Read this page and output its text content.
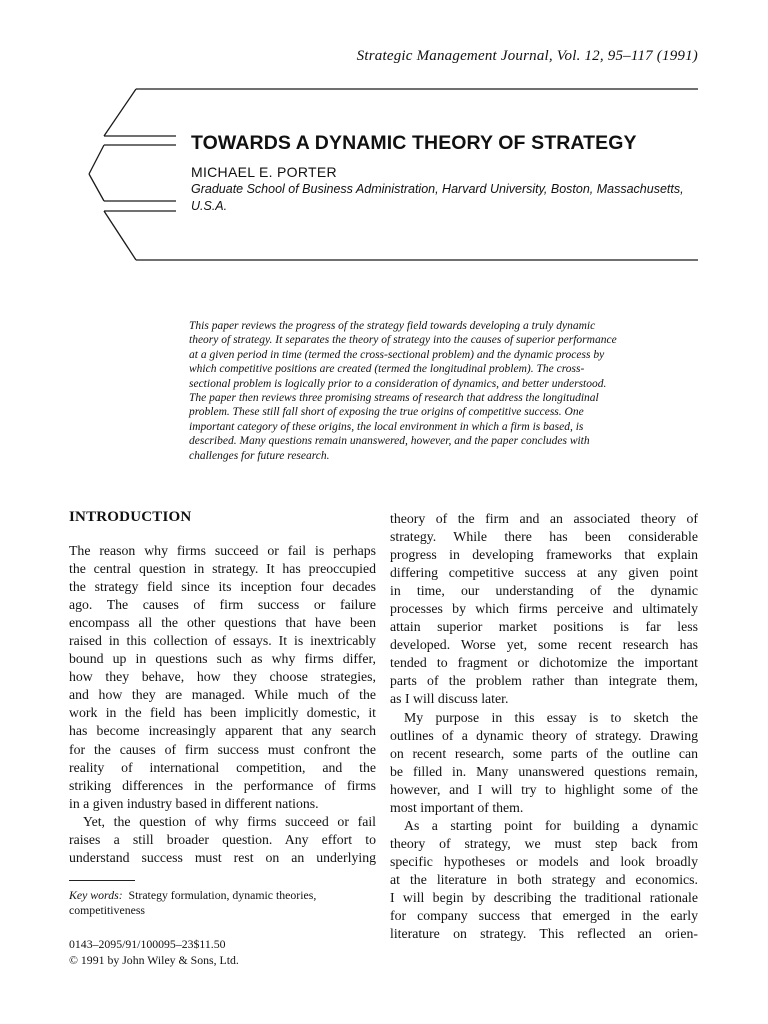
Strategic Management Journal, Vol. 12, 95–117 (1991)
TOWARDS A DYNAMIC THEORY OF STRATEGY
MICHAEL E. PORTER
Graduate School of Business Administration, Harvard University, Boston, Massachusetts, U.S.A.
This paper reviews the progress of the strategy field towards developing a truly dynamic
theory of strategy. It separates the theory of strategy into the causes of superior performance
at a given period in time (termed the cross-sectional problem) and the dynamic process by
which competitive positions are created (termed the longitudinal problem). The cross-
sectional problem is logically prior to a consideration of dynamics, and better understood.
The paper then reviews three promising streams of research that address the longitudinal
problem. These still fall short of exposing the true origins of competitive success. One
important category of these origins, the local environment in which a firm is based, is
described. Many questions remain unanswered, however, and the paper concludes with
challenges for future research.
INTRODUCTION
The reason why firms succeed or fail is perhaps
the central question in strategy. It has preoccupied
the strategy field since its inception four decades
ago. The causes of firm success or failure
encompass all the other questions that have been
raised in this collection of essays. It is inextricably
bound up in questions such as why firms differ,
how they behave, how they choose strategies,
and how they are managed. While much of the
work in the field has been implicitly domestic, it
has become increasingly apparent that any search
for the causes of firm success must confront the
reality of international competition, and the
striking differences in the performance of firms
in a given industry based in different nations.
Yet, the question of why firms succeed or fail
raises a still broader question. Any effort to
understand success must rest on an underlying
theory of the firm and an associated theory of
strategy. While there has been considerable
progress in developing frameworks that explain
differing competitive success at any given point
in time, our understanding of the dynamic
processes by which firms perceive and ultimately
attain superior market positions is far less
developed. Worse yet, some recent research has
tended to fragment or dichotomize the important
parts of the problem rather than integrate them,
as I will discuss later.
My purpose in this essay is to sketch the
outlines of a dynamic theory of strategy. Drawing
on recent research, some parts of the outline can
be filled in. Many unanswered questions remain,
however, and I will try to highlight some of the
most important of them.
As a starting point for building a dynamic
theory of strategy, we must step back from
specific hypotheses or models and look broadly
at the literature in both strategy and economics.
I will begin by describing the traditional rationale
for company success that emerged in the early
literature on strategy. This reflected an orien-
Key words: Strategy formulation, dynamic theories, competitiveness
0143–2095/91/100095–23$11.50
© 1991 by John Wiley & Sons, Ltd.
